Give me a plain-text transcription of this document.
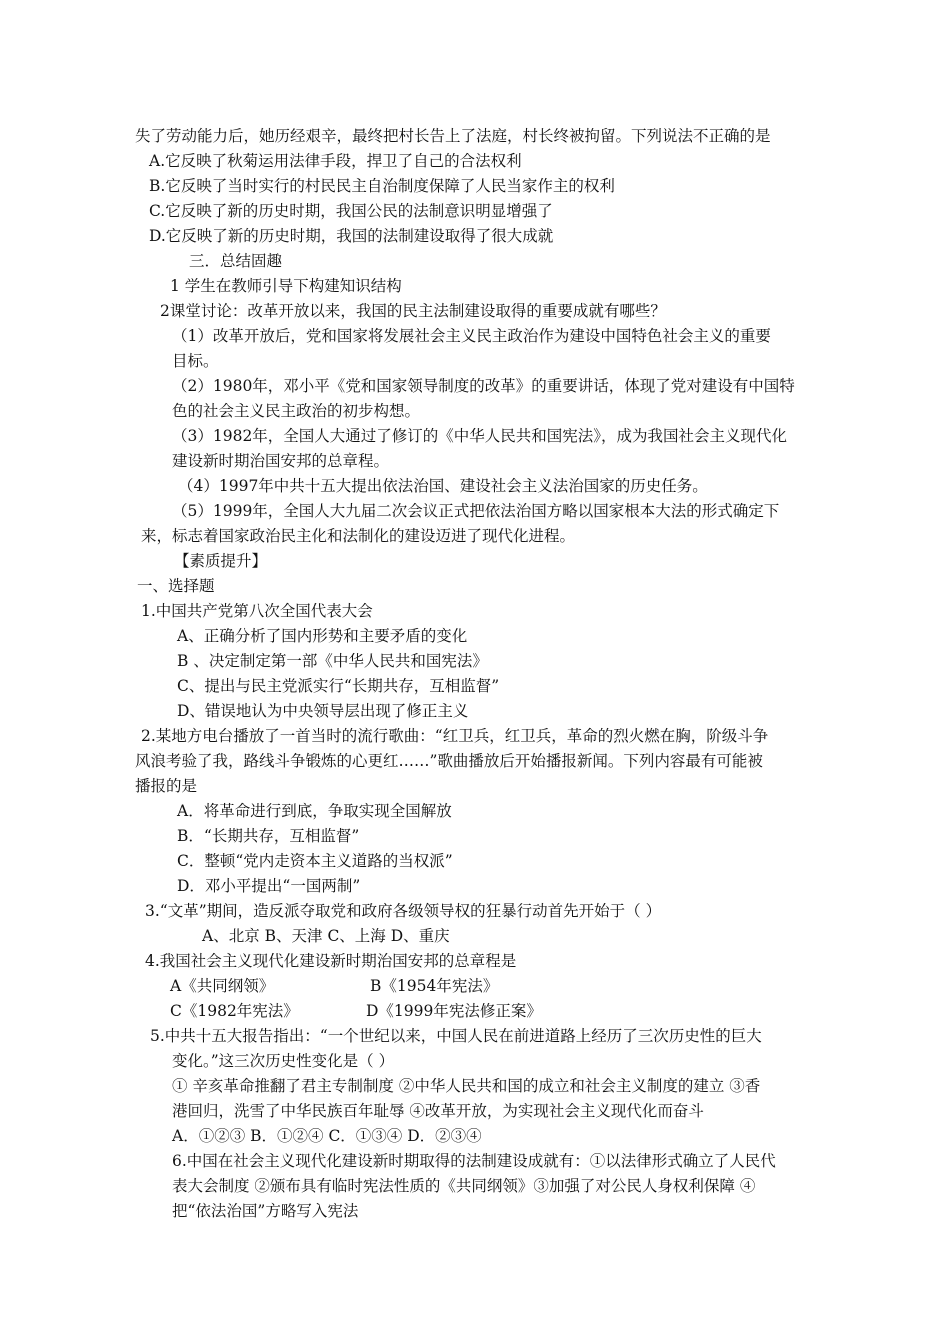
失了劳动能力后，她历经艰辛，最终把村长告上了法庭，村长终被拘留。下列说法不正确的是
A.它反映了秋菊运用法律手段，捍卫了自己的合法权利
B.它反映了当时实行的村民民主自治制度保障了人民当家作主的权利
C.它反映了新的历史时期，我国公民的法制意识明显增强了
D.它反映了新的历史时期，我国的法制建设取得了很大成就
三．总结固趣
1 学生在教师引导下构建知识结构
2课堂讨论：改革开放以来，我国的民主法制建设取得的重要成就有哪些？
（1）改革开放后，党和国家将发展社会主义民主政治作为建设中国特色社会主义的重要
目标。
（2）1980年，邓小平《党和国家领导制度的改革》的重要讲话，体现了党对建设有中国特
色的社会主义民主政治的初步构想。
（3）1982年，全国人大通过了修订的《中华人民共和国宪法》，成为我国社会主义现代化
建设新时期治国安邦的总章程。
（4）1997年中共十五大提出依法治国、建设社会主义法治国家的历史任务。
（5）1999年，全国人大九届二次会议正式把依法治国方略以国家根本大法的形式确定下
来，标志着国家政治民主化和法制化的建设迈进了现代化进程。
【素质提升】
一、选择题
1.中国共产党第八次全国代表大会
A、正确分析了国内形势和主要矛盾的变化
B 、决定制定第一部《中华人民共和国宪法》
C、提出与民主党派实行“长期共存，互相监督”
D、错误地认为中央领导层出现了修正主义
2.某地方电台播放了一首当时的流行歌曲：“红卫兵，红卫兵，革命的烈火燃在胸，阶级斗争
风浪考验了我，路线斗争锻炼的心更红……”歌曲播放后开始播报新闻。下列内容最有可能被
播报的是
A．将革命进行到底，争取实现全国解放
B．“长期共存，互相监督”
C．整顿“党内走资本主义道路的当权派”
D．邓小平提出“一国两制”
3.“文革”期间，造反派夺取党和政府各级领导权的狂暴行动首先开始于（ ）
A、北京 B、天津 C、上海 D、重庆
4.我国社会主义现代化建设新时期治国安邦的总章程是
A《共同纲领》	B《1954年宪法》
C《1982年宪法》	D《1999年宪法修正案》
5.中共十五大报告指出：“一个世纪以来，中国人民在前进道路上经历了三次历史性的巨大
变化。”这三次历史性变化是（ ）
① 辛亥革命推翻了君主专制制度 ②中华人民共和国的成立和社会主义制度的建立 ③香
港回归，洗雪了中华民族百年耻辱 ④改革开放，为实现社会主义现代化而奋斗
A．①②③ B．①②④ C．①③④ D．②③④
6.中国在社会主义现代化建设新时期取得的法制建设成就有：①以法律形式确立了人民代
表大会制度 ②颁布具有临时宪法性质的《共同纲领》③加强了对公民人身权利保障 ④
把“依法治国”方略写入宪法
